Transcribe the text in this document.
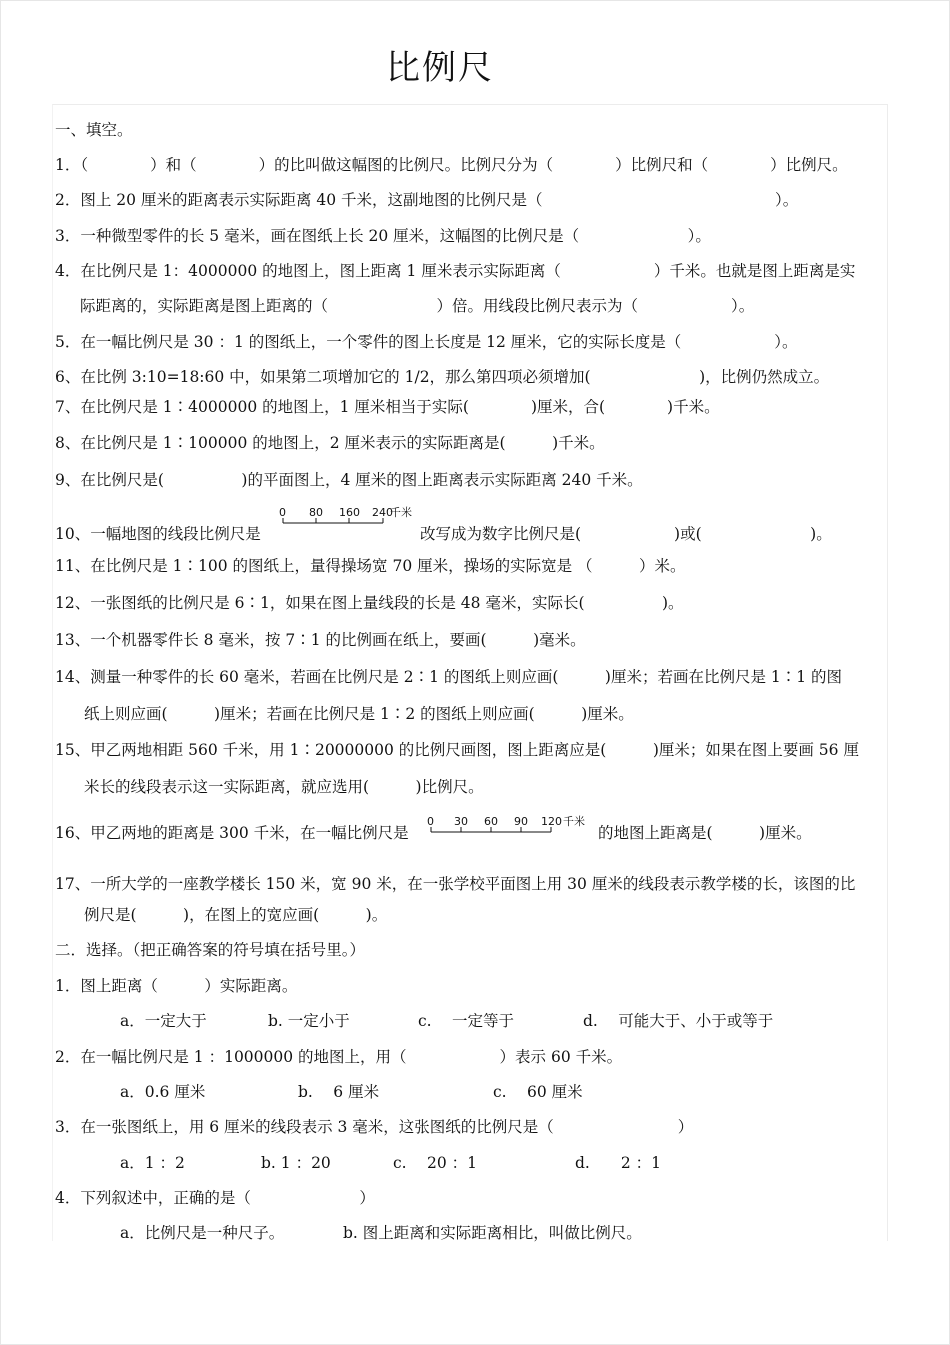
比例尺
一、填空。
1．（　　　　）和（　　　　）的比叫做这幅图的比例尺。比例尺分为（　　　　）比例尺和（　　　　）比例尺。
2．图上 20 厘米的距离表示实际距离 40 千米，这副地图的比例尺是（　　　　　　　　　　　　　　　）。
3．一种微型零件的长 5 毫米，画在图纸上长 20 厘米，这幅图的比例尺是（　　　　　　　）。
4．在比例尺是 1：4000000 的地图上，图上距离 1 厘米表示实际距离（　　　　　　）千米。也就是图上距离是实
际距离的，实际距离是图上距离的（　　　　　　　）倍。用线段比例尺表示为（　　　　　　）。
5．在一幅比例尺是 30 ：1 的图纸上，一个零件的图上长度是 12 厘米，它的实际长度是（　　　　　　）。
6、在比例 3:10=18:60 中，如果第二项增加它的 1/2，那么第四项必须增加(　　　　　　　)，比例仍然成立。
7、在比例尺是 1∶4000000 的地图上，1 厘米相当于实际(　　　　)厘米，合(　　　　)千米。
8、在比例尺是 1∶100000 的地图上，2 厘米表示的实际距离是(　　　)千米。
9、在比例尺是(　　　　　)的平面图上，4 厘米的图上距离表示实际距离 240 千米。
10、一幅地图的线段比例尺是
0 80 160 240
千米
改写成为数字比例尺是(　　　　　　)或(　　　　　　　)。
11、在比例尺是 1∶100 的图纸上，量得操场宽 70 厘米，操场的实际宽是 （　　　）米。
12、一张图纸的比例尺是 6∶1，如果在图上量线段的长是 48 毫米，实际长(　　　　　)。
13、一个机器零件长 8 毫米，按 7∶1 的比例画在纸上，要画(　　　)毫米。
14、测量一种零件的长 60 毫米，若画在比例尺是 2∶1 的图纸上则应画(　　　)厘米；若画在比例尺是 1∶1 的图
纸上则应画(　　　)厘米；若画在比例尺是 1∶2 的图纸上则应画(　　　)厘米。
15、甲乙两地相距 560 千米，用 1∶20000000 的比例尺画图，图上距离应是(　　　)厘米；如果在图上要画 56 厘
米长的线段表示这一实际距离，就应选用(　　　)比例尺。
16、甲乙两地的距离是 300 千米，在一幅比例尺是
0 30 60 90 120 千米
的地图上距离是(　　　)厘米。
17、一所大学的一座教学楼长 150 米，宽 90 米，在一张学校平面图上用 30 厘米的线段表示教学楼的长，该图的比
例尺是(　　　)，在图上的宽应画(　　　)。
二．选择。（把正确答案的符号填在括号里。）
1．图上距离（　　　）实际距离。
a．一定大于	b. 一定小于	c.　 一定等于	d.　 可能大于、小于或等于
2．在一幅比例尺是 1 ：1000000 的地图上，用（　　　　　　）表示 60 千米。
a．0.6 厘米	b.　 6 厘米	c.　 60 厘米
3．在一张图纸上，用 6 厘米的线段表示 3 毫米，这张图纸的比例尺是（　　　　　　　　）
a．1 ：2	b. 1 ：20	c.　 20 ：1	d.　　2 ：1
4．下列叙述中，正确的是（　　　　　　　）
a．比例尺是一种尺子。	b. 图上距离和实际距离相比，叫做比例尺。
